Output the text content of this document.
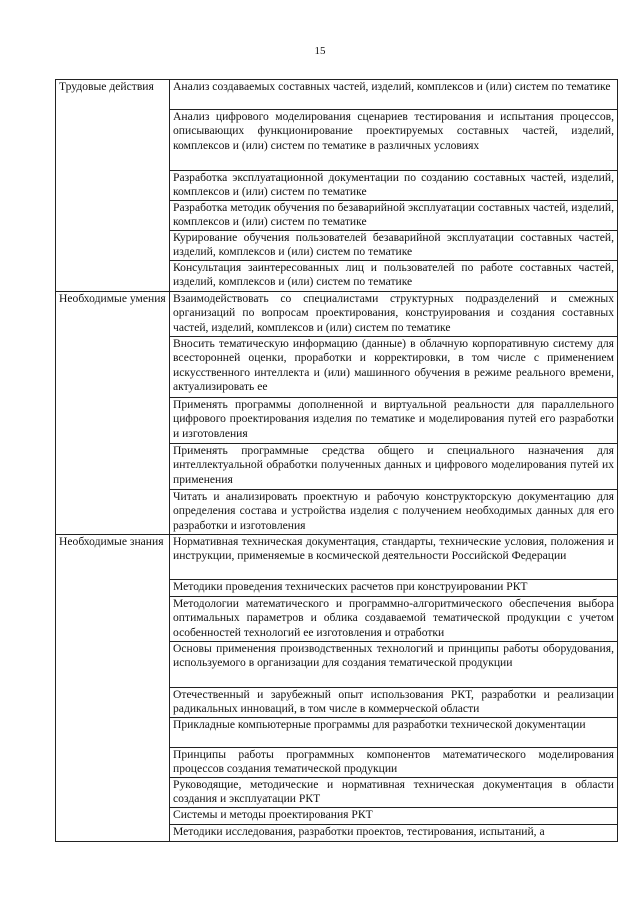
15
Трудовые действия	Анализ создаваемых составных частей, изделий, комплексов и (или) систем по тематике
	Анализ цифрового моделирования сценариев тестирования и испытания процессов, описывающих функционирование проектируемых составных частей, изделий, комплексов и (или) систем по тематике в различных условиях
	Разработка эксплуатационной документации по созданию составных частей, изделий, комплексов и (или) систем по тематике
	Разработка методик обучения по безаварийной эксплуатации составных частей, изделий, комплексов и (или) систем по тематике
	Курирование обучения пользователей безаварийной эксплуатации составных частей, изделий, комплексов и (или) систем по тематике
	Консультация заинтересованных лиц и пользователей по работе составных частей, изделий, комплексов и (или) систем по тематике
Необходимые умения	Взаимодействовать со специалистами структурных подразделений и смежных организаций по вопросам проектирования, конструирования и создания составных частей, изделий, комплексов и (или) систем по тематике
	Вносить тематическую информацию (данные) в облачную корпоративную систему для всесторонней оценки, проработки и корректировки, в том числе с применением искусственного интеллекта и (или) машинного обучения в режиме реального времени, актуализировать ее
	Применять программы дополненной и виртуальной реальности для параллельного цифрового проектирования изделия по тематике и моделирования путей его разработки и изготовления
	Применять программные средства общего и специального назначения для интеллектуальной обработки полученных данных и цифрового моделирования путей их применения
	Читать и анализировать проектную и рабочую конструкторскую документацию для определения состава и устройства изделия с получением необходимых данных для его разработки и изготовления
Необходимые знания	Нормативная техническая документация, стандарты, технические условия, положения и инструкции, применяемые в космической деятельности Российской Федерации
	Методики проведения технических расчетов при конструировании РКТ
	Методологии математического и программно-алгоритмического обеспечения выбора оптимальных параметров и облика создаваемой тематической продукции с учетом особенностей технологий ее изготовления и отработки
	Основы применения производственных технологий и принципы работы оборудования, используемого в организации для создания тематической продукции
	Отечественный и зарубежный опыт использования РКТ, разработки и реализации радикальных инноваций, в том числе в коммерческой области
	Прикладные компьютерные программы для разработки технической документации
	Принципы работы программных компонентов математического моделирования процессов создания тематической продукции
	Руководящие, методические и нормативная техническая документация в области создания и эксплуатации РКТ
	Системы и методы проектирования РКТ
	Методики исследования, разработки проектов, тестирования, испытаний, а
